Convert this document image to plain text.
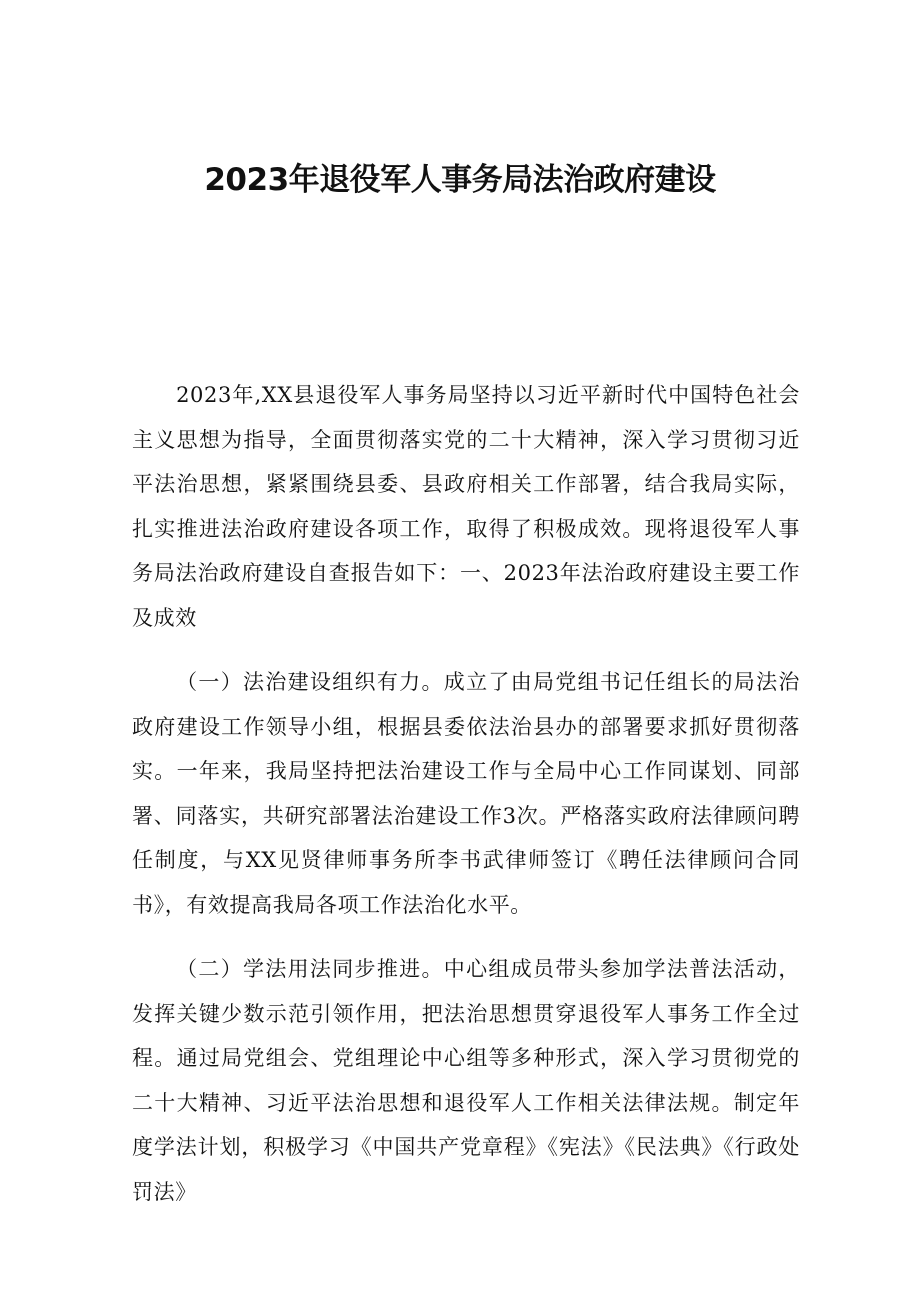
2023年退役军人事务局法治政府建设

2023年,XX县退役军人事务局坚持以习近平新时代中国特色社会主义思想为指导，全面贯彻落实党的二十大精神，深入学习贯彻习近平法治思想，紧紧围绕县委、县政府相关工作部署，结合我局实际，扎实推进法治政府建设各项工作，取得了积极成效。现将退役军人事务局法治政府建设自查报告如下：一、2023年法治政府建设主要工作及成效

（一）法治建设组织有力。成立了由局党组书记任组长的局法治政府建设工作领导小组，根据县委依法治县办的部署要求抓好贯彻落实。一年来，我局坚持把法治建设工作与全局中心工作同谋划、同部署、同落实，共研究部署法治建设工作3次。严格落实政府法律顾问聘任制度，与XX见贤律师事务所李书武律师签订《聘任法律顾问合同书》，有效提高我局各项工作法治化水平。

（二）学法用法同步推进。中心组成员带头参加学法普法活动，发挥关键少数示范引领作用，把法治思想贯穿退役军人事务工作全过程。通过局党组会、党组理论中心组等多种形式，深入学习贯彻党的二十大精神、习近平法治思想和退役军人工作相关法律法规。制定年度学法计划，积极学习《中国共产党章程》《宪法》《民法典》《行政处罚法》
